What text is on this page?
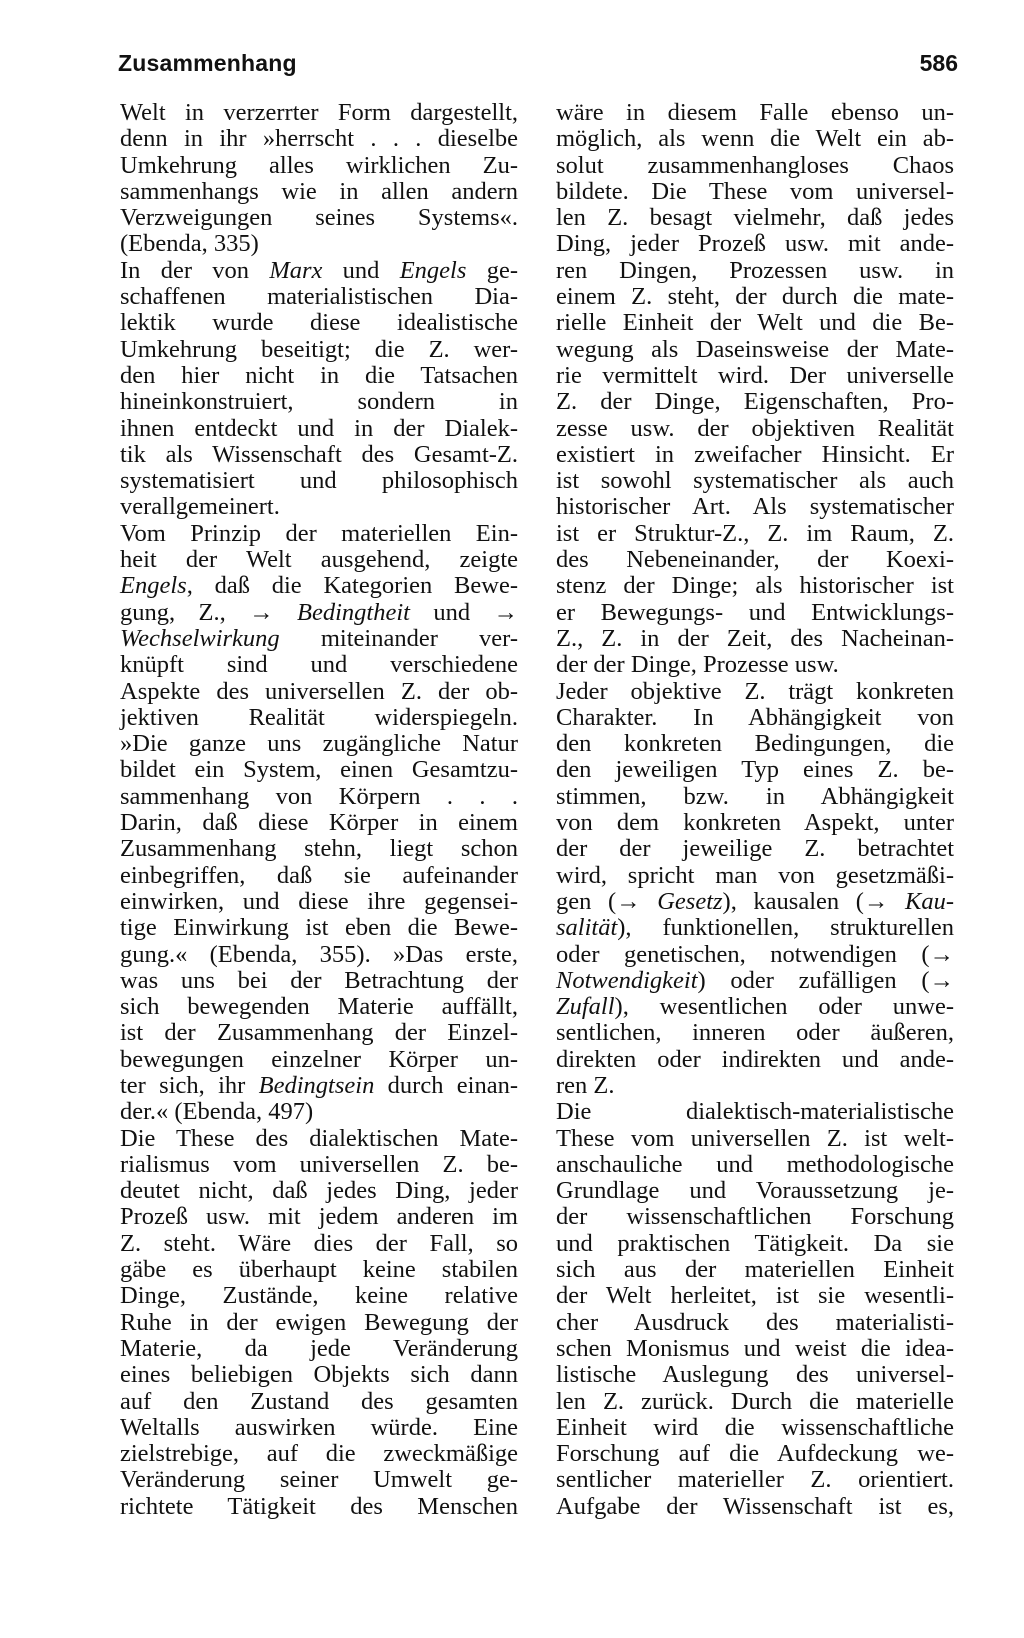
Zusammenhang	586
Welt in verzerrter Form dargestellt,
denn in ihr »herrscht . . . dieselbe
Umkehrung alles wirklichen Zu-
sammenhangs wie in allen andern
Verzweigungen seines Systems«.
(Ebenda, 335)
In der von Marx und Engels ge-
schaffenen materialistischen Dia-
lektik wurde diese idealistische
Umkehrung beseitigt; die Z. wer-
den hier nicht in die Tatsachen
hineinkonstruiert, sondern in
ihnen entdeckt und in der Dialek-
tik als Wissenschaft des Gesamt-Z.
systematisiert und philosophisch
verallgemeinert.
Vom Prinzip der materiellen Ein-
heit der Welt ausgehend, zeigte
Engels, daß die Kategorien Bewe-
gung, Z., → Bedingtheit und →
Wechselwirkung miteinander ver-
knüpft sind und verschiedene
Aspekte des universellen Z. der ob-
jektiven Realität widerspiegeln.
»Die ganze uns zugängliche Natur
bildet ein System, einen Gesamtzu-
sammenhang von Körpern . . .
Darin, daß diese Körper in einem
Zusammenhang stehn, liegt schon
einbegriffen, daß sie aufeinander
einwirken, und diese ihre gegensei-
tige Einwirkung ist eben die Bewe-
gung.« (Ebenda, 355). »Das erste,
was uns bei der Betrachtung der
sich bewegenden Materie auffällt,
ist der Zusammenhang der Einzel-
bewegungen einzelner Körper un-
ter sich, ihr Bedingtsein durch einan-
der.« (Ebenda, 497)
Die These des dialektischen Mate-
rialismus vom universellen Z. be-
deutet nicht, daß jedes Ding, jeder
Prozeß usw. mit jedem anderen im
Z. steht. Wäre dies der Fall, so
gäbe es überhaupt keine stabilen
Dinge, Zustände, keine relative
Ruhe in der ewigen Bewegung der
Materie, da jede Veränderung
eines beliebigen Objekts sich dann
auf den Zustand des gesamten
Weltalls auswirken würde. Eine
zielstrebige, auf die zweckmäßige
Veränderung seiner Umwelt ge-
richtete Tätigkeit des Menschen
wäre in diesem Falle ebenso un-
möglich, als wenn die Welt ein ab-
solut zusammenhangloses Chaos
bildete. Die These vom universel-
len Z. besagt vielmehr, daß jedes
Ding, jeder Prozeß usw. mit ande-
ren Dingen, Prozessen usw. in
einem Z. steht, der durch die mate-
rielle Einheit der Welt und die Be-
wegung als Daseinsweise der Mate-
rie vermittelt wird. Der universelle
Z. der Dinge, Eigenschaften, Pro-
zesse usw. der objektiven Realität
existiert in zweifacher Hinsicht. Er
ist sowohl systematischer als auch
historischer Art. Als systematischer
ist er Struktur-Z., Z. im Raum, Z.
des Nebeneinander, der Koexi-
stenz der Dinge; als historischer ist
er Bewegungs- und Entwicklungs-
Z., Z. in der Zeit, des Nacheinan-
der der Dinge, Prozesse usw.
Jeder objektive Z. trägt konkreten
Charakter. In Abhängigkeit von
den konkreten Bedingungen, die
den jeweiligen Typ eines Z. be-
stimmen, bzw. in Abhängigkeit
von dem konkreten Aspekt, unter
der der jeweilige Z. betrachtet
wird, spricht man von gesetzmäßi-
gen (→ Gesetz), kausalen (→ Kau-
salität), funktionellen, strukturellen
oder genetischen, notwendigen (→
Notwendigkeit) oder zufälligen (→
Zufall), wesentlichen oder unwe-
sentlichen, inneren oder äußeren,
direkten oder indirekten und ande-
ren Z.
Die dialektisch-materialistische
These vom universellen Z. ist welt-
anschauliche und methodologische
Grundlage und Voraussetzung je-
der wissenschaftlichen Forschung
und praktischen Tätigkeit. Da sie
sich aus der materiellen Einheit
der Welt herleitet, ist sie wesentli-
cher Ausdruck des materialisti-
schen Monismus und weist die idea-
listische Auslegung des universel-
len Z. zurück. Durch die materielle
Einheit wird die wissenschaftliche
Forschung auf die Aufdeckung we-
sentlicher materieller Z. orientiert.
Aufgabe der Wissenschaft ist es,
